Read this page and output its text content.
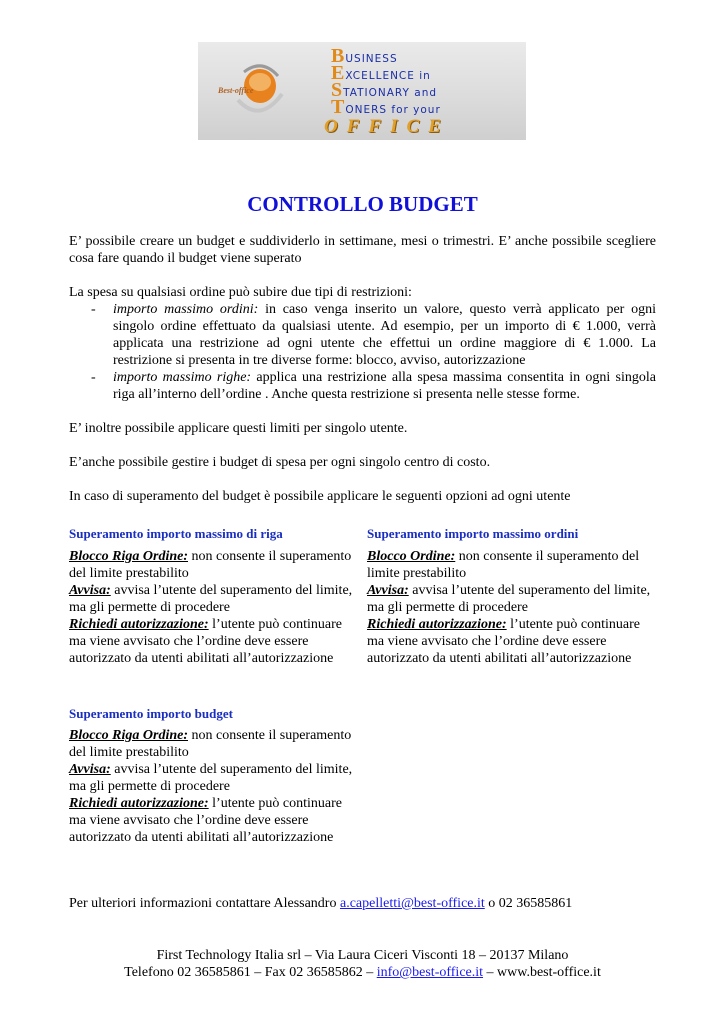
Best-office
BUSINESS
EXCELLENCE in
STATIONARY and
TONERS for your
OFFICE
CONTROLLO BUDGET
E’ possibile creare un budget e suddividerlo in settimane, mesi o trimestri. E’ anche possibile scegliere cosa fare quando il budget viene superato
La spesa su qualsiasi ordine può subire due tipi di restrizioni:
- importo massimo ordini: in caso venga inserito un valore, questo verrà applicato per ogni singolo ordine effettuato da qualsiasi utente. Ad esempio, per un importo di € 1.000, verrà applicata una restrizione ad ogni utente che effettui un ordine maggiore di € 1.000. La restrizione si presenta in tre diverse forme: blocco, avviso, autorizzazione
- importo massimo righe: applica una restrizione alla spesa massima consentita in ogni singola riga all’interno dell’ordine . Anche questa restrizione si presenta nelle stesse forme.
E’ inoltre possibile applicare questi limiti per singolo utente.
E’anche possibile gestire i budget di spesa per ogni singolo centro di costo.
In caso di superamento del budget è possibile applicare le seguenti opzioni ad ogni utente
Superamento importo massimo di riga
Blocco Riga Ordine: non consente il superamento del limite prestabilito
Avvisa: avvisa l’utente del superamento del limite, ma gli permette di procedere
Richiedi autorizzazione: l’utente può continuare ma viene avvisato che l’ordine deve essere autorizzato da utenti abilitati all’autorizzazione
Superamento importo massimo ordini
Blocco Ordine: non consente il superamento del limite prestabilito
Avvisa: avvisa l’utente del superamento del limite, ma gli permette di procedere
Richiedi autorizzazione: l’utente può continuare ma viene avvisato che l’ordine deve essere autorizzato da utenti abilitati all’autorizzazione
Superamento importo budget
Blocco Riga Ordine: non consente il superamento del limite prestabilito
Avvisa: avvisa l’utente del superamento del limite, ma gli permette di procedere
Richiedi autorizzazione: l’utente può continuare ma viene avvisato che l’ordine deve essere autorizzato da utenti abilitati all’autorizzazione
Per ulteriori informazioni contattare Alessandro a.capelletti@best-office.it o 02 36585861
First Technology Italia srl – Via Laura Ciceri Visconti 18 – 20137 Milano
Telefono 02 36585861 – Fax 02 36585862 – info@best-office.it – www.best-office.it
